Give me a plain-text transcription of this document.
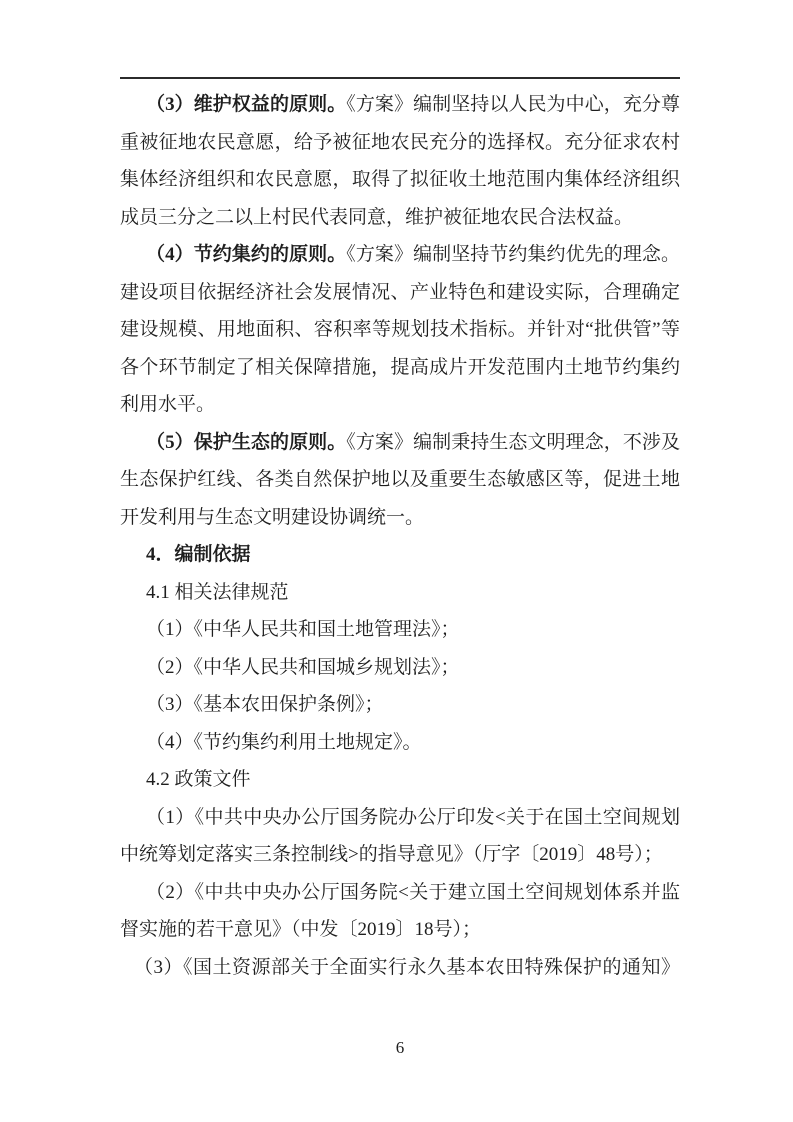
（3）维护权益的原则。《方案》编制坚持以人民为中心，充分尊重被征地农民意愿，给予被征地农民充分的选择权。充分征求农村集体经济组织和农民意愿，取得了拟征收土地范围内集体经济组织成员三分之二以上村民代表同意，维护被征地农民合法权益。

（4）节约集约的原则。《方案》编制坚持节约集约优先的理念。建设项目依据经济社会发展情况、产业特色和建设实际，合理确定建设规模、用地面积、容积率等规划技术指标。并针对“批供管”等各个环节制定了相关保障措施，提高成片开发范围内土地节约集约利用水平。

（5）保护生态的原则。《方案》编制秉持生态文明理念，不涉及生态保护红线、各类自然保护地以及重要生态敏感区等，促进土地开发利用与生态文明建设协调统一。

4．编制依据

4.1 相关法律规范

（1）《中华人民共和国土地管理法》；

（2）《中华人民共和国城乡规划法》；

（3）《基本农田保护条例》；

（4）《节约集约利用土地规定》。

4.2 政策文件

（1）《中共中央办公厅国务院办公厅印发<关于在国土空间规划中统筹划定落实三条控制线>的指导意见》（厅字〔2019〕48号）；

（2）《中共中央办公厅国务院<关于建立国土空间规划体系并监督实施的若干意见》（中发〔2019〕18号）；

（3）《国土资源部关于全面实行永久基本农田特殊保护的通知》

6
